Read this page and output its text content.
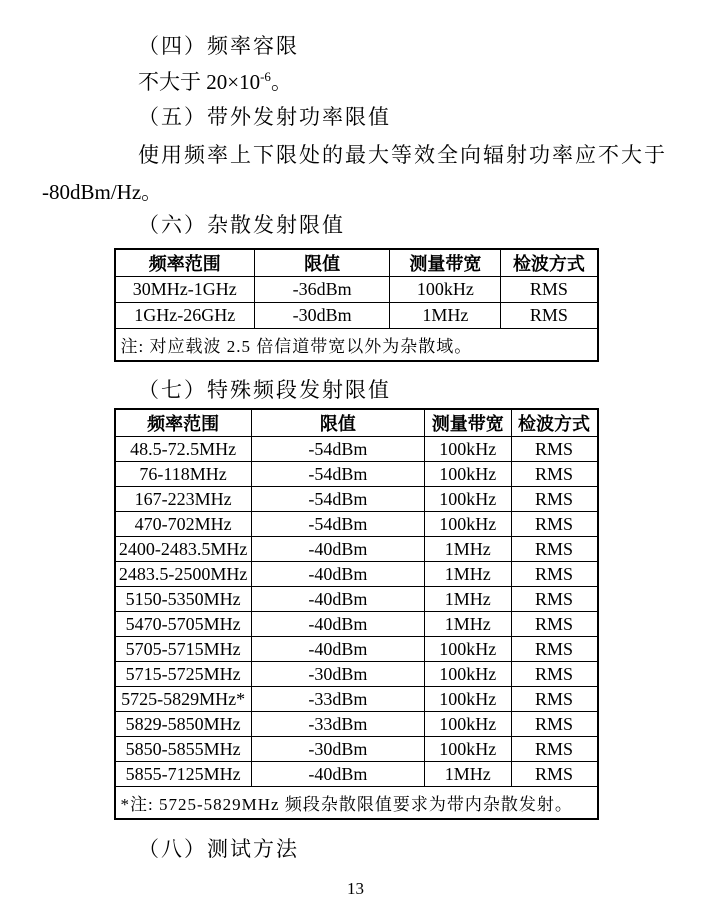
（四）频率容限

不大于 $20\times 10^{-6}$。

（五）带外发射功率限值

使用频率上下限处的最大等效全向辐射功率应不大于

-80dBm/Hz。

（六）杂散发射限值

频率范围	限值	测量带宽	检波方式
30MHz-1GHz	-36dBm	100kHz	RMS
1GHz-26GHz	-30dBm	1MHz	RMS
注: 对应载波 2.5 倍信道带宽以外为杂散域。			

（七）特殊频段发射限值

频率范围	限值	测量带宽	检波方式
48.5-72.5MHz	-54dBm	100kHz	RMS
76-118MHz	-54dBm	100kHz	RMS
167-223MHz	-54dBm	100kHz	RMS
470-702MHz	-54dBm	100kHz	RMS
2400-2483.5MHz	-40dBm	1MHz	RMS
2483.5-2500MHz	-40dBm	1MHz	RMS
5150-5350MHz	-40dBm	1MHz	RMS
5470-5705MHz	-40dBm	1MHz	RMS
5705-5715MHz	-40dBm	100kHz	RMS
5715-5725MHz	-30dBm	100kHz	RMS
5725-5829MHz*	-33dBm	100kHz	RMS
5829-5850MHz	-33dBm	100kHz	RMS
5850-5855MHz	-30dBm	100kHz	RMS
5855-7125MHz	-40dBm	1MHz	RMS
*注: 5725-5829MHz 频段杂散限值要求为带内杂散发射。			

（八）测试方法

13
